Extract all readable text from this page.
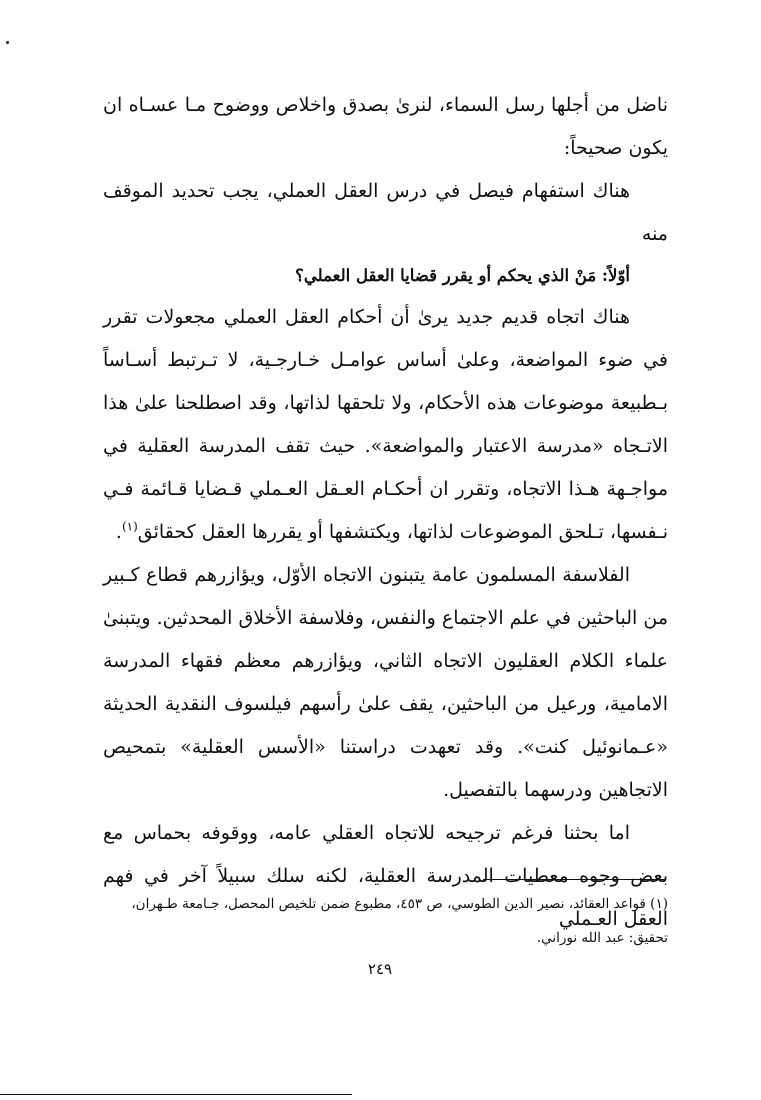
ناضل من أجلها رسل السماء، لنرىٰ بصدق واخلاص ووضوح مـا عسـاه ان يكون صحيحاً:

هناك استفهام فيصل في درس العقل العملي، يجب تحديد الموقف منه

أوّلاً: مَنْ الذي يحكم أو يقرر قضايا العقل العملي؟

هناك اتجاه قديم جديد يرىٰ أن أحكام العقل العملي مجعولات تقرر في ضوء المواضعة، وعلىٰ أساس عوامـل خـارجـية، لا تـرتبط أسـاساً بـطبيعة موضوعات هذه الأحكام، ولا تلحقها لذاتها، وقد اصطلحنا علىٰ هذا الاتـجاه «مدرسة الاعتبار والمواضعة». حيث تقف المدرسة العقلية في مواجـهة هـذا الاتجاه، وتقرر ان أحكـام العـقل العـملي قـضايا قـائمة فـي نـفسها، تـلحق الموضوعات لذاتها، ويكتشفها أو يقررها العقل كحقائق$^{(١)}$.

الفلاسفة المسلمون عامة يتبنون الاتجاه الأوّل، ويؤازرهم قطاع كـبير من الباحثين في علم الاجتماع والنفس، وفلاسفة الأخلاق المحدثين. ويتبنىٰ علماء الكلام العقليون الاتجاه الثاني، ويؤازرهم معظم فقهاء المدرسة الامامية، ورعيل من الباحثين، يقف علىٰ رأسهم فيلسوف النقدية الحديثة «عـمانوئيل كنت». وقد تعهدت دراستنا «الأسس العقلية» بتمحيص الاتجاهين ودرسهما بالتفصيل.

اما بحثنا فرغم ترجيحه للاتجاه العقلي عامه، ووقوفه بحماس مع بعض وجوه معطيات المدرسة العقلية، لكنه سلك سبيلاً آخر في فهم العقل العـملي

(١) قواعد العقائد، نصير الدين الطوسي، ص ٤٥٣، مطبوع ضمن تلخيص المحصل، جـامعة طـهران،

تحقيق: عبد الله نوراني.

٢٤٩
